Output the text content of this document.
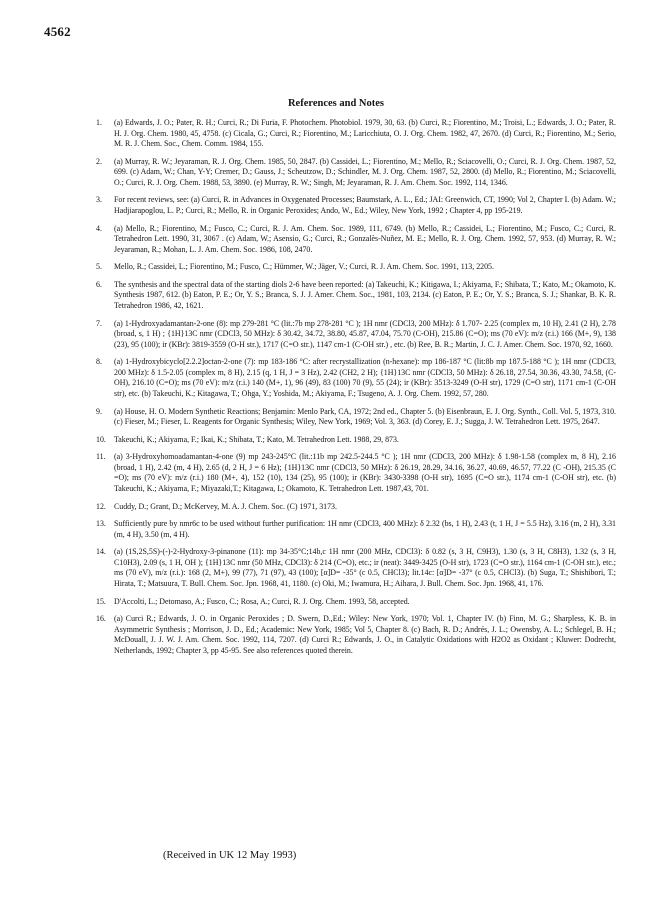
4562
References and Notes
1.	(a) Edwards, J. O.; Pater, R. H.; Curci, R.; Di Furia, F. Photochem. Photobiol. 1979, 30, 63. (b) Curci, R.; Fiorentino, M.; Troisi, L.; Edwards, J. O.; Pater, R. H. J. Org. Chem. 1980, 45, 4758. (c) Cicala, G.; Curci, R.; Fiorentino, M.; Laricchiuta, O. J. Org. Chem. 1982, 47, 2670. (d) Curci, R.; Fiorentino, M.; Serio, M. R. J. Chem. Soc., Chem. Comm. 1984, 155.
2.	(a) Murray, R. W.; Jeyaraman, R. J. Org. Chem. 1985, 50, 2847. (b) Cassidei, L.; Fiorentino, M.; Mello, R.; Sciacovelli, O.; Curci, R. J. Org. Chem. 1987, 52, 699. (c) Adam, W.; Chan, Y-Y; Cremer, D.; Gauss, J.; Scheutzow, D.; Schindler, M. J. Org. Chem. 1987, 52, 2800. (d) Mello, R.; Fiorentino, M.; Sciacovelli, O.; Curci, R. J. Org. Chem. 1988, 53, 3890. (e) Murray, R. W.; Singh, M; Jeyaraman, R. J. Am. Chem. Soc. 1992, 114, 1346.
3.	For recent reviews, see: (a) Curci, R. in Advances in Oxygenated Processes; Baumstark, A. L., Ed.; JAI: Greenwich, CT, 1990; Vol 2, Chapter I. (b) Adam. W.; Hadjiarapoglou, L. P.; Curci, R.; Mello, R. in Organic Peroxides; Ando, W., Ed.; Wiley, New York, 1992 ; Chapter 4, pp 195-219.
4.	(a) Mello, R.; Fiorentino, M.; Fusco, C.; Curci, R. J. Am. Chem. Soc. 1989, 111, 6749. (b) Mello, R.; Cassidei, L.; Fiorentino, M.; Fusco, C.; Curci, R. Tetrahedron Lett. 1990, 31, 3067 . (c) Adam, W.; Asensio, G.; Curci, R.; Gonzalès-Nuñez, M. E.; Mello, R. J. Org. Chem. 1992, 57, 953. (d) Murray, R. W.; Jeyaraman, R.; Mohan, L. J. Am. Chem. Soc. 1986, 108, 2470.
5.	Mello, R.; Cassidei, L.; Fiorentino, M.; Fusco, C.; Hümmer, W.; Jäger, V.; Curci, R. J. Am. Chem. Soc. 1991, 113, 2205.
6.	The synthesis and the spectral data of the starting diols 2-6 have been reported: (a) Takeuchi, K.; Kitigawa, I.; Akiyama, F.; Shibata, T.; Kato, M.; Okamoto, K. Synthesis 1987, 612. (b) Eaton, P. E.; Or, Y. S.; Branca, S. J. J. Amer. Chem. Soc., 1981, 103, 2134. (c) Eaton, P. E.; Or, Y. S.; Branca, S. J.; Shankar, B. K. R. Tetrahedron 1986, 42, 1621.
7.	(a) 1-Hydroxyadamantan-2-one (8): mp 279-281 °C (lit.:7b mp 278-281 °C ); 1H nmr (CDCl3, 200 MHz): δ 1.707- 2.25 (complex m, 10 H), 2.41 (2 H), 2.78 (broad, s, 1 H) ; {1H}13C nmr (CDCl3, 50 MHz): δ 30.42, 34.72, 38.80, 45.87, 47.04, 75.70 (C-OH), 215.86 (C=O); ms (70 eV): m/z (r.i.) 166 (M+, 9), 138 (23), 95 (100); ir (KBr): 3819-3559 (O-H str.), 1717 (C=O str.), 1147 cm-1 (C-OH str.) , etc. (b) Ree, B. R.; Martin, J. C. J. Amer. Chem. Soc. 1970, 92, 1660.
8.	(a) 1-Hydroxybicyclo[2.2.2]octan-2-one (7): mp 183-186 °C: after recrystallization (n-hexane): mp 186-187 °C (lit:8b mp 187.5-188 °C ); 1H nmr (CDCl3, 200 MHz): δ 1.5-2.05 (complex m, 8 H), 2.15 (q, 1 H, J = 3 Hz), 2.42 (CH2, 2 H); {1H}13C nmr (CDCl3, 50 MHz): δ 26.18, 27.54, 30.36, 43.30, 74.58, (C-OH), 216.10 (C=O); ms (70 eV): m/z (r.i.) 140 (M+, 1), 96 (49), 83 (100) 70 (9), 55 (24); ir (KBr): 3513-3249 (O-H str), 1729 (C=O str), 1171 cm-1 (C-OH str), etc. (b) Takeuchi, K.; Kitagawa, T.; Ohga, Y.; Yoshida, M.; Akiyama, F.; Tsugeno, A. J. Org. Chem. 1992, 57, 280.
9.	(a) House, H. O. Modern Synthetic Reactions; Benjamin: Menlo Park, CA, 1972; 2nd ed., Chapter 5. (b) Eisenbraun, E. J. Org. Synth., Coll. Vol. 5, 1973, 310. (c) Fieser, M.; Fieser, L. Reagents for Organic Synthesis; Wiley, New York, 1969; Vol. 3, 363. (d) Corey, E. J.; Sugga, J. W. Tetrahedron Lett. 1975, 2647.
10.	Takeuchi, K.; Akiyama, F.; Ikai, K.; Shibata, T.; Kato, M. Tetrahedron Lett. 1988, 29, 873.
11.	(a) 3-Hydroxyhomoadamantan-4-one (9) mp 243-245°C (lit.:11b mp 242.5-244.5 °C ); 1H nmr (CDCl3, 200 MHz): δ 1.98-1.58 (complex m, 8 H), 2.16 (broad, 1 H), 2.42 (m, 4 H), 2.65 (d, 2 H, J = 6 Hz); {1H}13C nmr (CDCl3, 50 MHz): δ 26.19, 28.29, 34.16, 36.27, 40.69, 46.57, 77.22 (C -OH), 215.35 (C =O); ms (70 eV): m/z (r.i.) 180 (M+, 4), 152 (10), 134 (25), 95 (100); ir (KBr): 3430-3398 (O-H str), 1695 (C=O str.), 1174 cm-1 (C-OH str), etc. (b) Takeuchi, K.; Akiyama, F.; Miyazaki,T.; Kitagawa, I.; Okamoto, K. Tetrahedron Lett. 1987,43, 701.
12.	Cuddy, D.; Grant, D.; McKervey, M. A. J. Chem. Soc. (C) 1971, 3173.
13.	Sufficiently pure by nmr6c to be used without further purification: 1H nmr (CDCl3, 400 MHz): δ 2.32 (bs, 1 H), 2.43 (t, 1 H, J = 5.5 Hz), 3.16 (m, 2 H), 3.31 (m, 4 H), 3.50 (m, 4 H).
14.	(a) (1S,2S,5S)-(-)-2-Hydroxy-3-pinanone (11): mp 34-35°C;14b,c 1H nmr (200 MHz, CDCl3): δ 0.82 (s, 3 H, C9H3), 1.30 (s, 3 H, C8H3), 1.32 (s, 3 H, C10H3), 2.09 (s, 1 H, OH ); {1H}13C nmr (50 MHz, CDCl3): δ 214 (C=O), etc.; ir (neat): 3449-3425 (O-H str), 1723 (C=O str.), 1164 cm-1 (C-OH str.), etc.; ms (70 eV), m/z (r.i.): 168 (2, M+), 99 (77), 71 (97), 43 (100); [α]D= -35° (c 0.5, CHCl3); lit.14c: [α]D= -37° (c 0.5, CHCl3). (b) Suga, T.; Shishibori, T.; Hirata, T.; Matsuura, T. Bull. Chem. Soc. Jpn. 1968, 41, 1180. (c) Oki, M.; Iwamura, H.; Aihara, J. Bull. Chem. Soc. Jpn. 1968, 41, 176.
15.	D'Accolti, L.; Detomaso, A.; Fusco, C.; Rosa, A.; Curci, R. J. Org. Chem. 1993, 58, accepted.
16.	(a) Curci R.; Edwards, J. O. in Organic Peroxides ; D. Swern, D.,Ed.; Wiley: New York, 1970; Vol. 1, Chapter IV. (b) Finn, M. G.; Sharpless, K. B. in Asymmetric Synthesis ; Morrison, J. D., Ed.; Academic: New York, 1985; Vol 5, Chapter 8. (c) Bach, R. D.; Andrés, J. L.; Owensby, A. L.; Schlegel, B. H.; McDouall, J. J. W. J. Am. Chem. Soc. 1992, 114, 7207. (d) Curci R.; Edwards, J. O., in Catalytic Oxidations with H2O2 as Oxidant ; Kluwer: Dodrecht, Netherlands, 1992; Chapter 3, pp 45-95. See also references quoted therein.
(Received in UK 12 May 1993)
